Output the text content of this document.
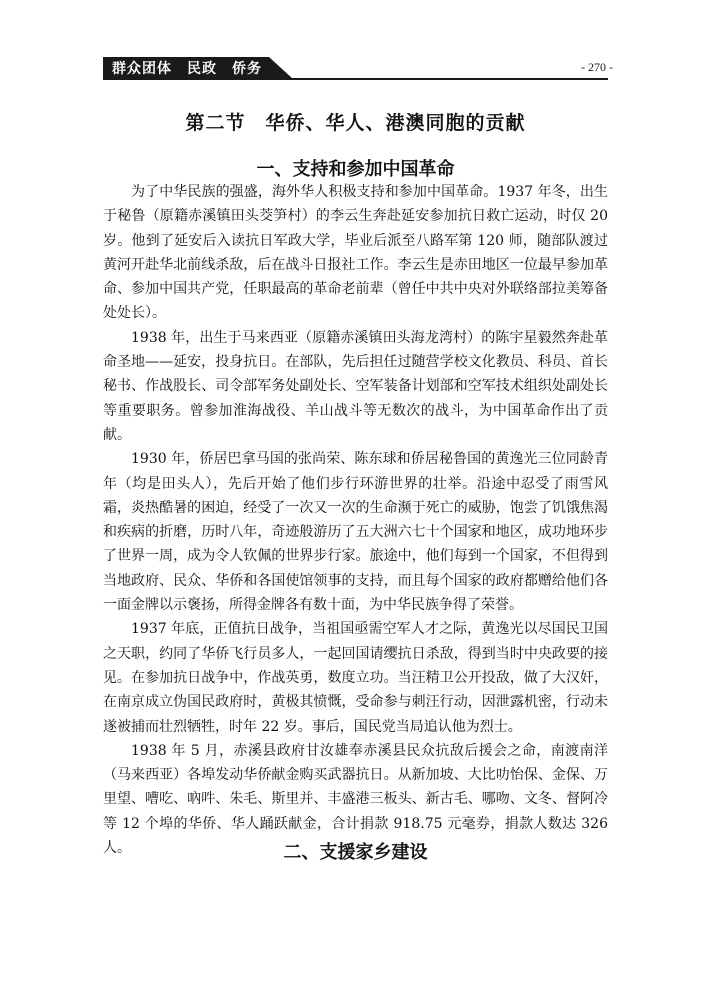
群众团体　民政　侨务	- 270 -
第二节　华侨、华人、港澳同胞的贡献
一、支持和参加中国革命

为了中华民族的强盛，海外华人积极支持和参加中国革命。1937 年冬，出生于秘鲁（原籍赤溪镇田头茭笋村）的李云生奔赴延安参加抗日救亡运动，时仅 20 岁。他到了延安后入读抗日军政大学，毕业后派至八路军第 120 师，随部队渡过黄河开赴华北前线杀敌，后在战斗日报社工作。李云生是赤田地区一位最早参加革命、参加中国共产党，任职最高的革命老前辈（曾任中共中央对外联络部拉美筹备处处长）。

1938 年，出生于马来西亚（原籍赤溪镇田头海龙湾村）的陈宇星毅然奔赴革命圣地——延安，投身抗日。在部队，先后担任过随营学校文化教员、科员、首长秘书、作战股长、司令部军务处副处长、空军装备计划部和空军技术组织处副处长等重要职务。曾参加淮海战役、羊山战斗等无数次的战斗，为中国革命作出了贡献。

1930 年，侨居巴拿马国的张尚荣、陈东球和侨居秘鲁国的黄逸光三位同龄青年（均是田头人），先后开始了他们步行环游世界的壮举。沿途中忍受了雨雪风霜，炎热酷暑的困迫，经受了一次又一次的生命濒于死亡的威胁，饱尝了饥饿焦渴和疾病的折磨，历时八年，奇迹般游历了五大洲六七十个国家和地区，成功地环步了世界一周，成为令人钦佩的世界步行家。旅途中，他们每到一个国家，不但得到当地政府、民众、华侨和各国使馆领事的支持，而且每个国家的政府都赠给他们各一面金牌以示褒扬，所得金牌各有数十面，为中华民族争得了荣誉。

1937 年底，正值抗日战争，当祖国亟需空军人才之际，黄逸光以尽国民卫国之天职，约同了华侨飞行员多人，一起回国请缨抗日杀敌，得到当时中央政要的接见。在参加抗日战争中，作战英勇，数度立功。当汪精卫公开投敌，做了大汉奸，在南京成立伪国民政府时，黄极其愤慨，受命参与刺汪行动，因泄露机密，行动未遂被捕而壮烈牺牲，时年 22 岁。事后，国民党当局追认他为烈士。

1938 年 5 月，赤溪县政府甘汝雄奉赤溪县民众抗敌后援会之命，南渡南洋（马来西亚）各埠发动华侨献金购买武器抗日。从新加坡、大比叻怡保、金保、万里望、嘈吃、吶吽、朱毛、斯里并、丰盛港三板头、新古毛、哪吻、文冬、督阿冷等 12 个埠的华侨、华人踊跃献金，合计捐款 918.75 元毫券，捐款人数达 326 人。	二、支援家乡建设
